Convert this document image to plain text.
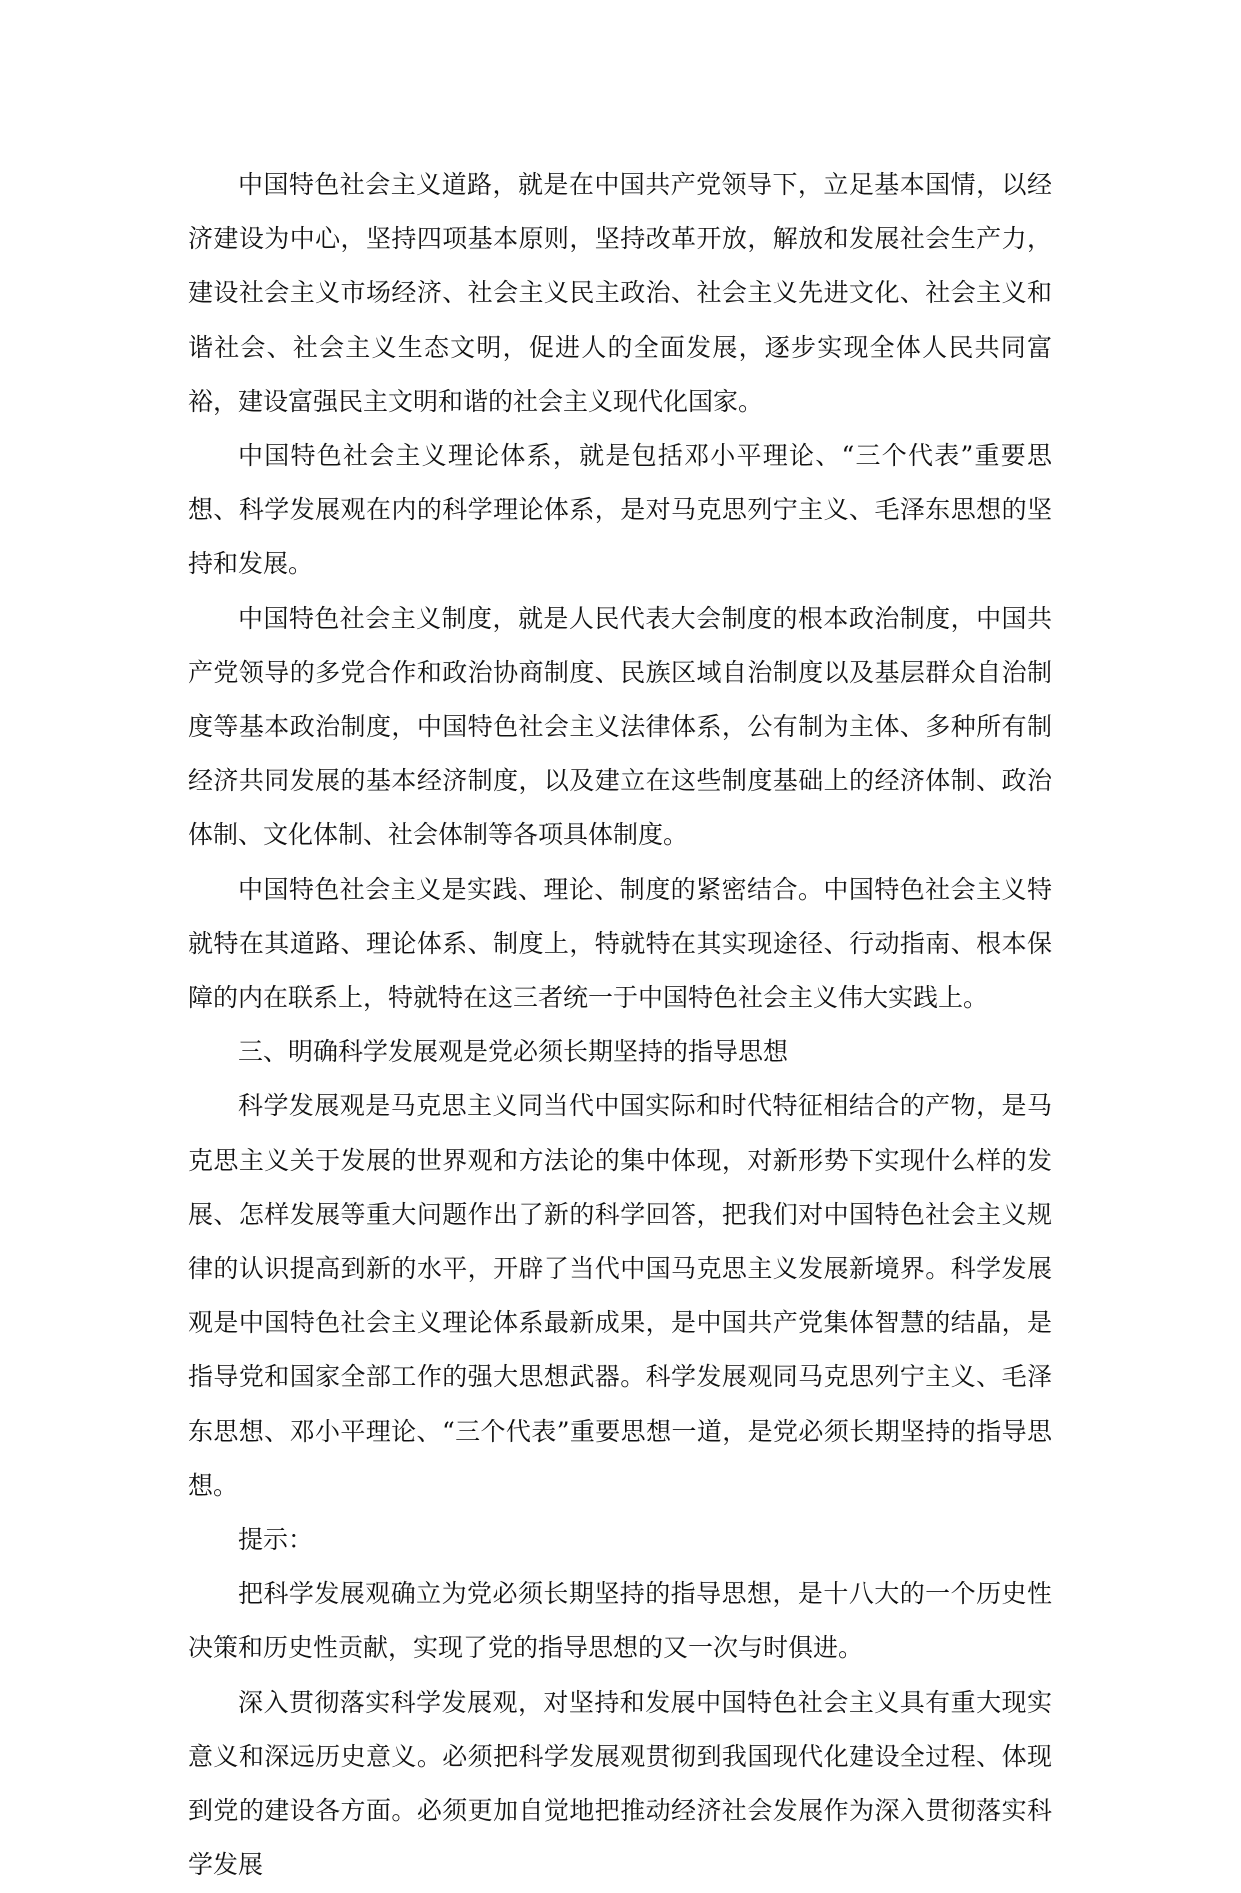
中国特色社会主义道路，就是在中国共产党领导下，立足基本国情，以经济建设为中心，坚持四项基本原则，坚持改革开放，解放和发展社会生产力，建设社会主义市场经济、社会主义民主政治、社会主义先进文化、社会主义和谐社会、社会主义生态文明，促进人的全面发展，逐步实现全体人民共同富裕，建设富强民主文明和谐的社会主义现代化国家。

中国特色社会主义理论体系，就是包括邓小平理论、“三个代表”重要思想、科学发展观在内的科学理论体系，是对马克思列宁主义、毛泽东思想的坚持和发展。

中国特色社会主义制度，就是人民代表大会制度的根本政治制度，中国共产党领导的多党合作和政治协商制度、民族区域自治制度以及基层群众自治制度等基本政治制度，中国特色社会主义法律体系，公有制为主体、多种所有制经济共同发展的基本经济制度，以及建立在这些制度基础上的经济体制、政治体制、文化体制、社会体制等各项具体制度。

中国特色社会主义是实践、理论、制度的紧密结合。中国特色社会主义特就特在其道路、理论体系、制度上，特就特在其实现途径、行动指南、根本保障的内在联系上，特就特在这三者统一于中国特色社会主义伟大实践上。

三、明确科学发展观是党必须长期坚持的指导思想

科学发展观是马克思主义同当代中国实际和时代特征相结合的产物，是马克思主义关于发展的世界观和方法论的集中体现，对新形势下实现什么样的发展、怎样发展等重大问题作出了新的科学回答，把我们对中国特色社会主义规律的认识提高到新的水平，开辟了当代中国马克思主义发展新境界。科学发展观是中国特色社会主义理论体系最新成果，是中国共产党集体智慧的结晶，是指导党和国家全部工作的强大思想武器。科学发展观同马克思列宁主义、毛泽东思想、邓小平理论、“三个代表”重要思想一道，是党必须长期坚持的指导思想。

提示：

把科学发展观确立为党必须长期坚持的指导思想，是十八大的一个历史性决策和历史性贡献，实现了党的指导思想的又一次与时俱进。

深入贯彻落实科学发展观，对坚持和发展中国特色社会主义具有重大现实意义和深远历史意义。必须把科学发展观贯彻到我国现代化建设全过程、体现到党的建设各方面。必须更加自觉地把推动经济社会发展作为深入贯彻落实科学发展
